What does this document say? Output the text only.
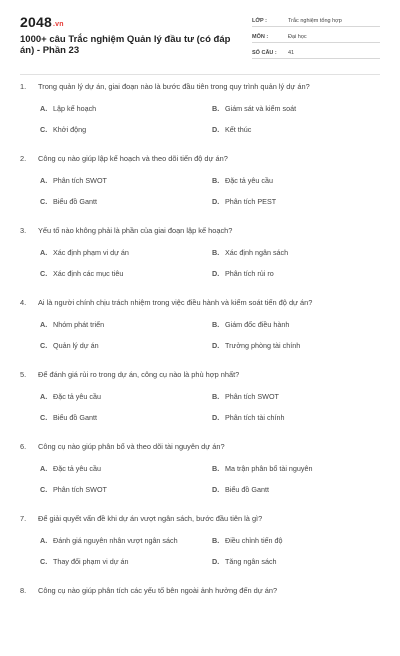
2048.vn
1000+ câu Trắc nghiệm Quản lý đầu tư (có đáp án) - Phần 23
LỚP :	Trắc nghiệm tổng hợp
MÔN :	Đại học
SỐ CÂU :	41
1. Trong quản lý dự án, giai đoạn nào là bước đầu tiên trong quy trình quản lý dự án?
A. Lập kế hoạch	B. Giám sát và kiểm soát
C. Khởi động	D. Kết thúc
2. Công cụ nào giúp lập kế hoạch và theo dõi tiến độ dự án?
A. Phân tích SWOT	B. Đặc tả yêu cầu
C. Biểu đồ Gantt	D. Phân tích PEST
3. Yếu tố nào không phải là phần của giai đoạn lập kế hoạch?
A. Xác định phạm vi dự án	B. Xác định ngân sách
C. Xác định các mục tiêu	D. Phân tích rủi ro
4. Ai là người chính chịu trách nhiệm trong việc điều hành và kiểm soát tiến độ dự án?
A. Nhóm phát triển	B. Giám đốc điều hành
C. Quản lý dự án	D. Trưởng phòng tài chính
5. Để đánh giá rủi ro trong dự án, công cụ nào là phù hợp nhất?
A. Đặc tả yêu cầu	B. Phân tích SWOT
C. Biểu đồ Gantt	D. Phân tích tài chính
6. Công cụ nào giúp phân bổ và theo dõi tài nguyên dự án?
A. Đặc tả yêu cầu	B. Ma trận phân bổ tài nguyên
C. Phân tích SWOT	D. Biểu đồ Gantt
7. Để giải quyết vấn đề khi dự án vượt ngân sách, bước đầu tiên là gì?
A. Đánh giá nguyên nhân vượt ngân sách	B. Điều chỉnh tiến độ
C. Thay đổi phạm vi dự án	D. Tăng ngân sách
8. Công cụ nào giúp phân tích các yếu tố bên ngoài ảnh hưởng đến dự án?
